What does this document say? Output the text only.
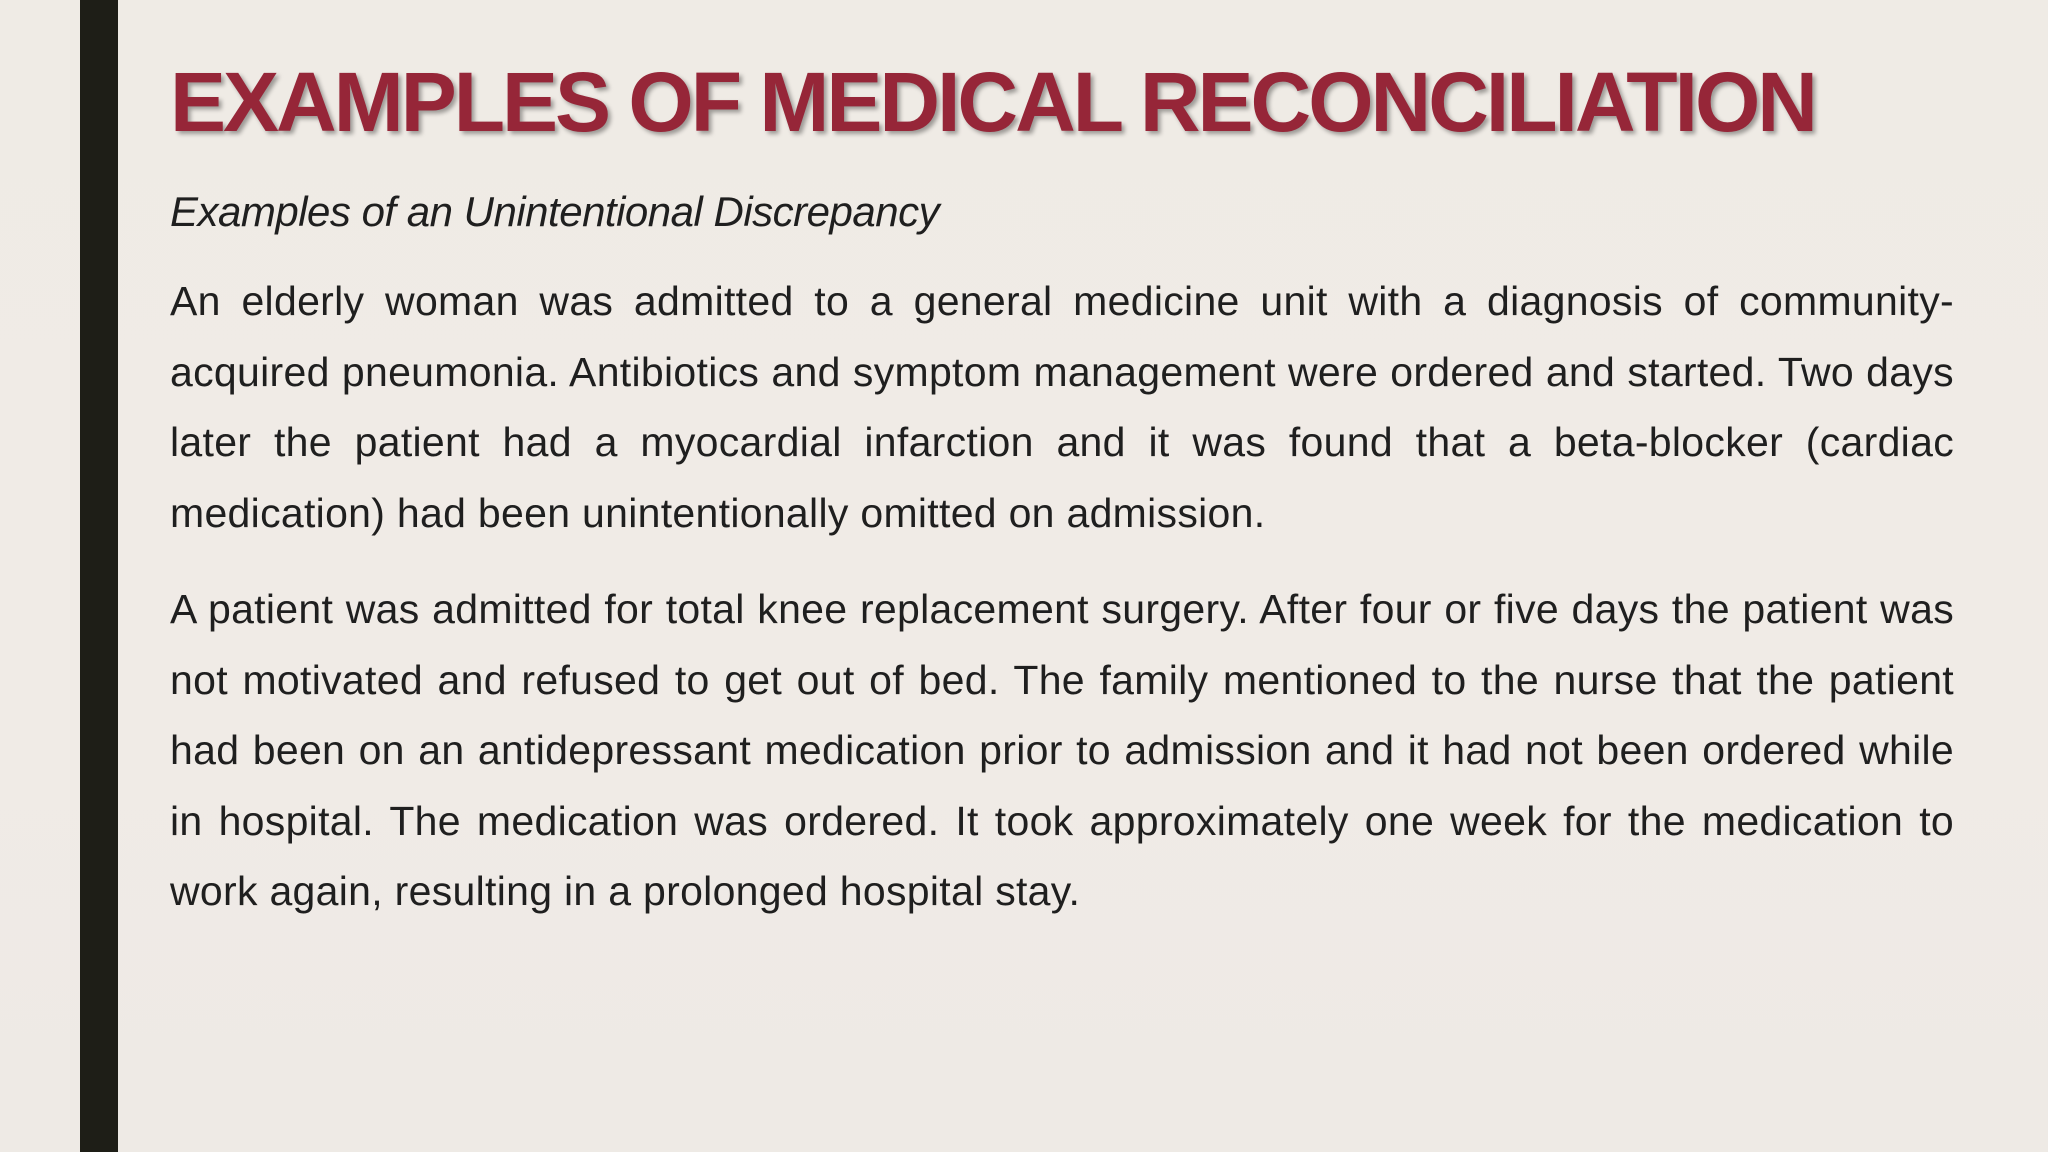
EXAMPLES OF MEDICAL RECONCILIATION
Examples of an Unintentional Discrepancy

An elderly woman was admitted to a general medicine unit with a diagnosis of community-acquired pneumonia. Antibiotics and symptom management were ordered and started. Two days later the patient had a myocardial infarction and it was found that a beta-blocker (cardiac medication) had been unintentionally omitted on admission.

A patient was admitted for total knee replacement surgery. After four or five days the patient was not motivated and refused to get out of bed. The family mentioned to the nurse that the patient had been on an antidepressant medication prior to admission and it had not been ordered while in hospital. The medication was ordered. It took approximately one week for the medication to work again, resulting in a prolonged hospital stay.
